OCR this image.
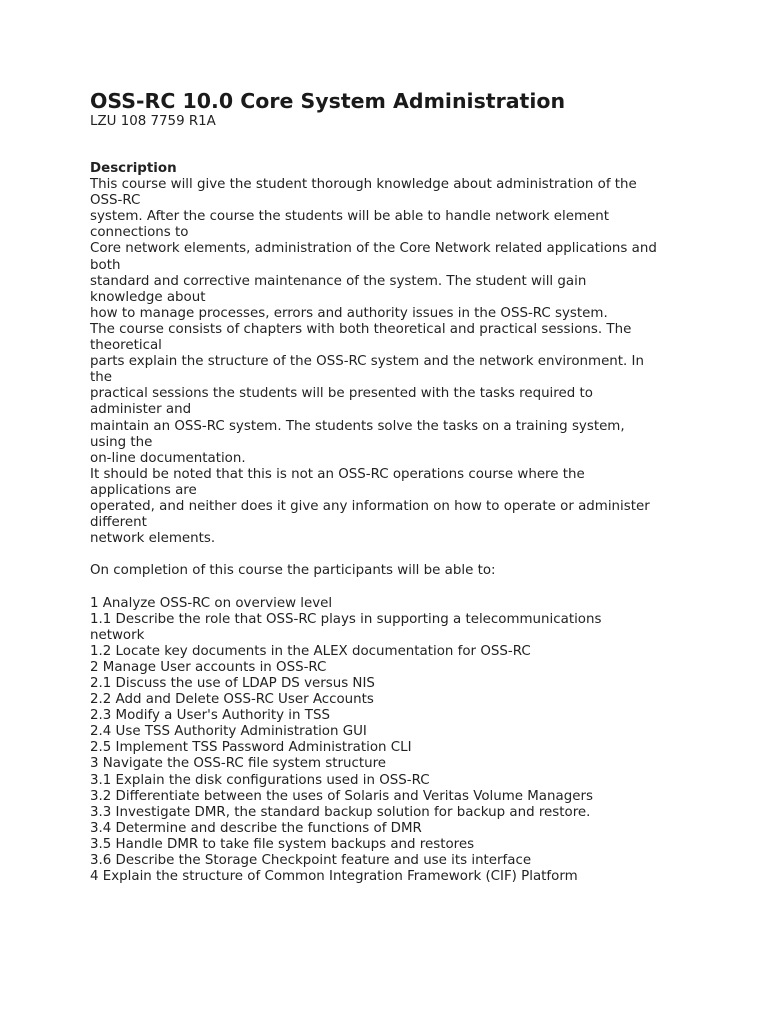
OSS-RC 10.0 Core System Administration
LZU 108 7759 R1A
Description
This course will give the student thorough knowledge about administration of the
OSS-RC
system. After the course the students will be able to handle network element
connections to
Core network elements, administration of the Core Network related applications and
both
standard and corrective maintenance of the system. The student will gain
knowledge about
how to manage processes, errors and authority issues in the OSS-RC system.
The course consists of chapters with both theoretical and practical sessions. The
theoretical
parts explain the structure of the OSS-RC system and the network environment. In
the
practical sessions the students will be presented with the tasks required to
administer and
maintain an OSS-RC system. The students solve the tasks on a training system,
using the
on-line documentation.
It should be noted that this is not an OSS-RC operations course where the
applications are
operated, and neither does it give any information on how to operate or administer
different
network elements.
On completion of this course the participants will be able to:
1 Analyze OSS-RC on overview level
1.1 Describe the role that OSS-RC plays in supporting a telecommunications
network
1.2 Locate key documents in the ALEX documentation for OSS-RC
2 Manage User accounts in OSS-RC
2.1 Discuss the use of LDAP DS versus NIS
2.2 Add and Delete OSS-RC User Accounts
2.3 Modify a User's Authority in TSS
2.4 Use TSS Authority Administration GUI
2.5 Implement TSS Password Administration CLI
3 Navigate the OSS-RC file system structure
3.1 Explain the disk configurations used in OSS-RC
3.2 Differentiate between the uses of Solaris and Veritas Volume Managers
3.3 Investigate DMR, the standard backup solution for backup and restore.
3.4 Determine and describe the functions of DMR
3.5 Handle DMR to take file system backups and restores
3.6 Describe the Storage Checkpoint feature and use its interface
4 Explain the structure of Common Integration Framework (CIF) Platform
